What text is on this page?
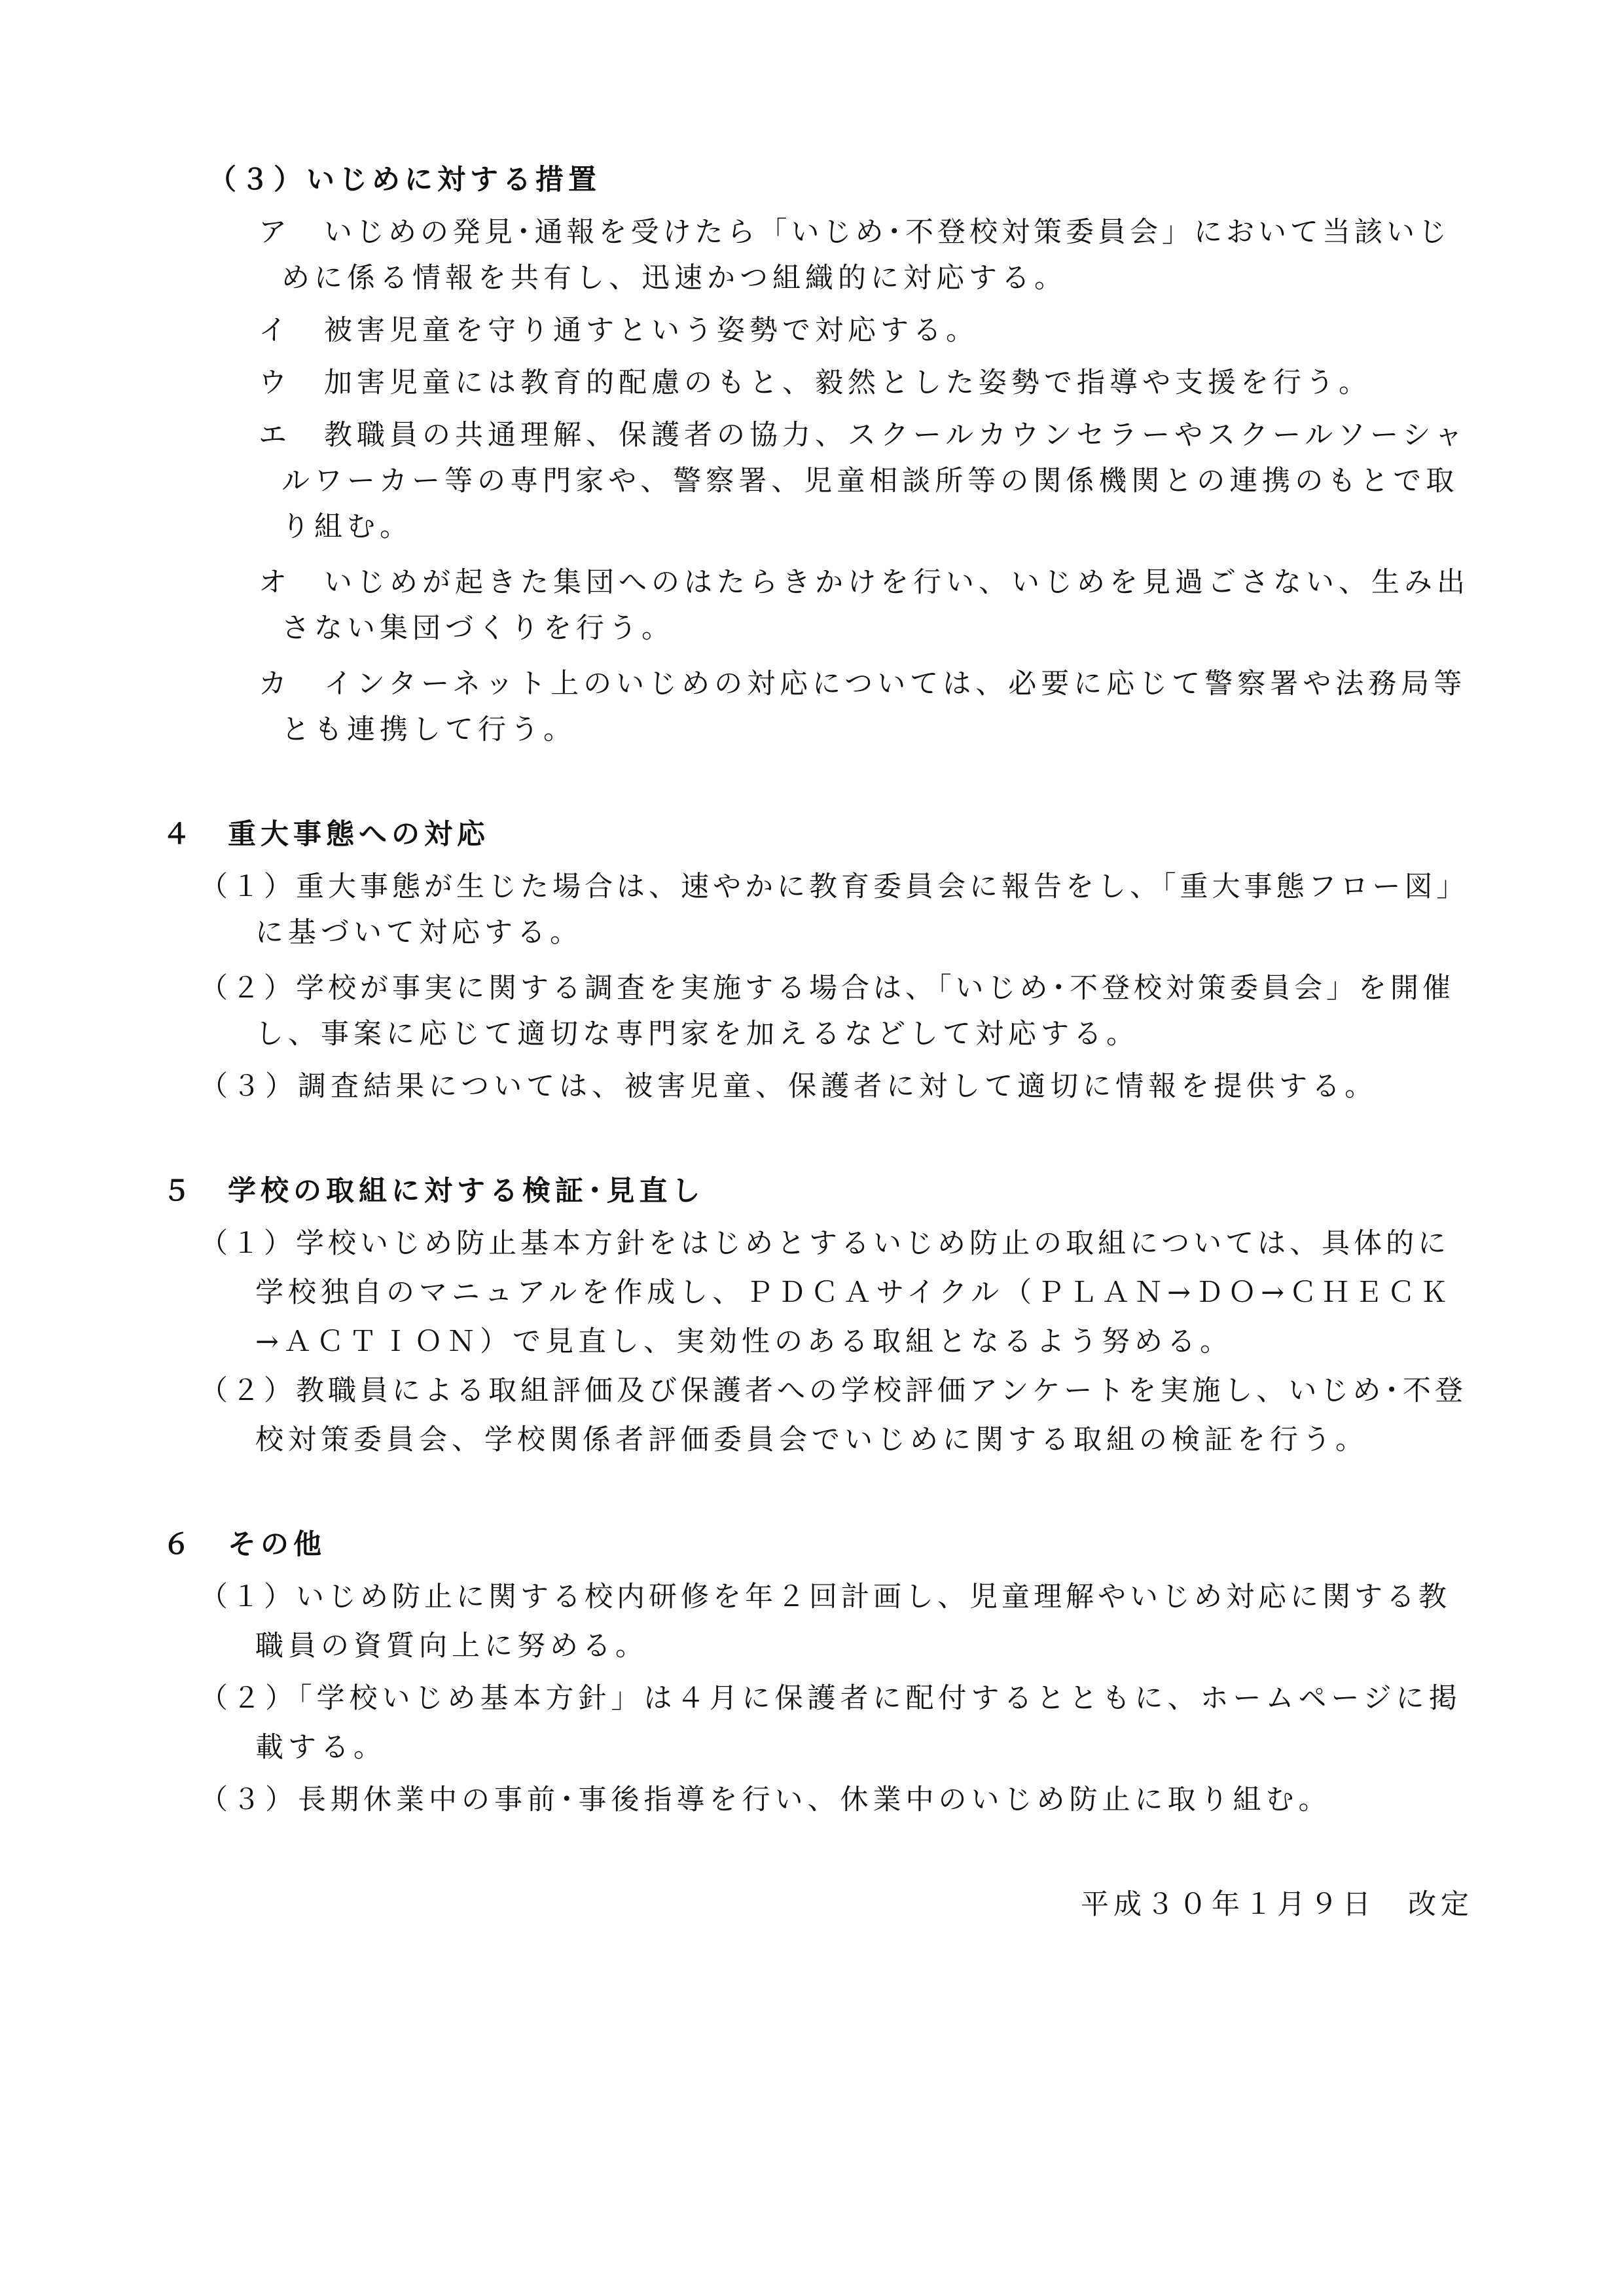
（３）いじめに対する措置
ア いじめの発見･通報を受けたら「いじめ･不登校対策委員会」において当該いじ
めに係る情報を共有し、迅速かつ組織的に対応する。
イ 被害児童を守り通すという姿勢で対応する。
ウ 加害児童には教育的配慮のもと、毅然とした姿勢で指導や支援を行う。
エ 教職員の共通理解、保護者の協力、スクールカウンセラーやスクールソーシャ
ルワーカー等の専門家や、警察署、児童相談所等の関係機関との連携のもとで取
り組む。
オ いじめが起きた集団へのはたらきかけを行い、いじめを見過ごさない、生み出
さない集団づくりを行う。
カ インターネット上のいじめの対応については、必要に応じて警察署や法務局等
とも連携して行う。
４　重大事態への対応
（１）重大事態が生じた場合は、速やかに教育委員会に報告をし、「重大事態フロー図」
に基づいて対応する。
（２）学校が事実に関する調査を実施する場合は、「いじめ･不登校対策委員会」を開催
し、事案に応じて適切な専門家を加えるなどして対応する。
（３）調査結果については、被害児童、保護者に対して適切に情報を提供する。
５　学校の取組に対する検証･見直し
（１）学校いじめ防止基本方針をはじめとするいじめ防止の取組については、具体的に
学校独自のマニュアルを作成し、ＰＤＣＡサイクル（ＰＬＡＮ→ＤＯ→ＣＨＥＣＫ
→ＡＣＴＩＯＮ）で見直し、実効性のある取組となるよう努める。
（２）教職員による取組評価及び保護者への学校評価アンケートを実施し、いじめ･不登
校対策委員会、学校関係者評価委員会でいじめに関する取組の検証を行う。
６　その他
（１）いじめ防止に関する校内研修を年２回計画し、児童理解やいじめ対応に関する教
職員の資質向上に努める。
（２）「学校いじめ基本方針」は４月に保護者に配付するとともに、ホームページに掲
載する。
（３）長期休業中の事前･事後指導を行い、休業中のいじめ防止に取り組む。
平成３０年１月９日　改定
